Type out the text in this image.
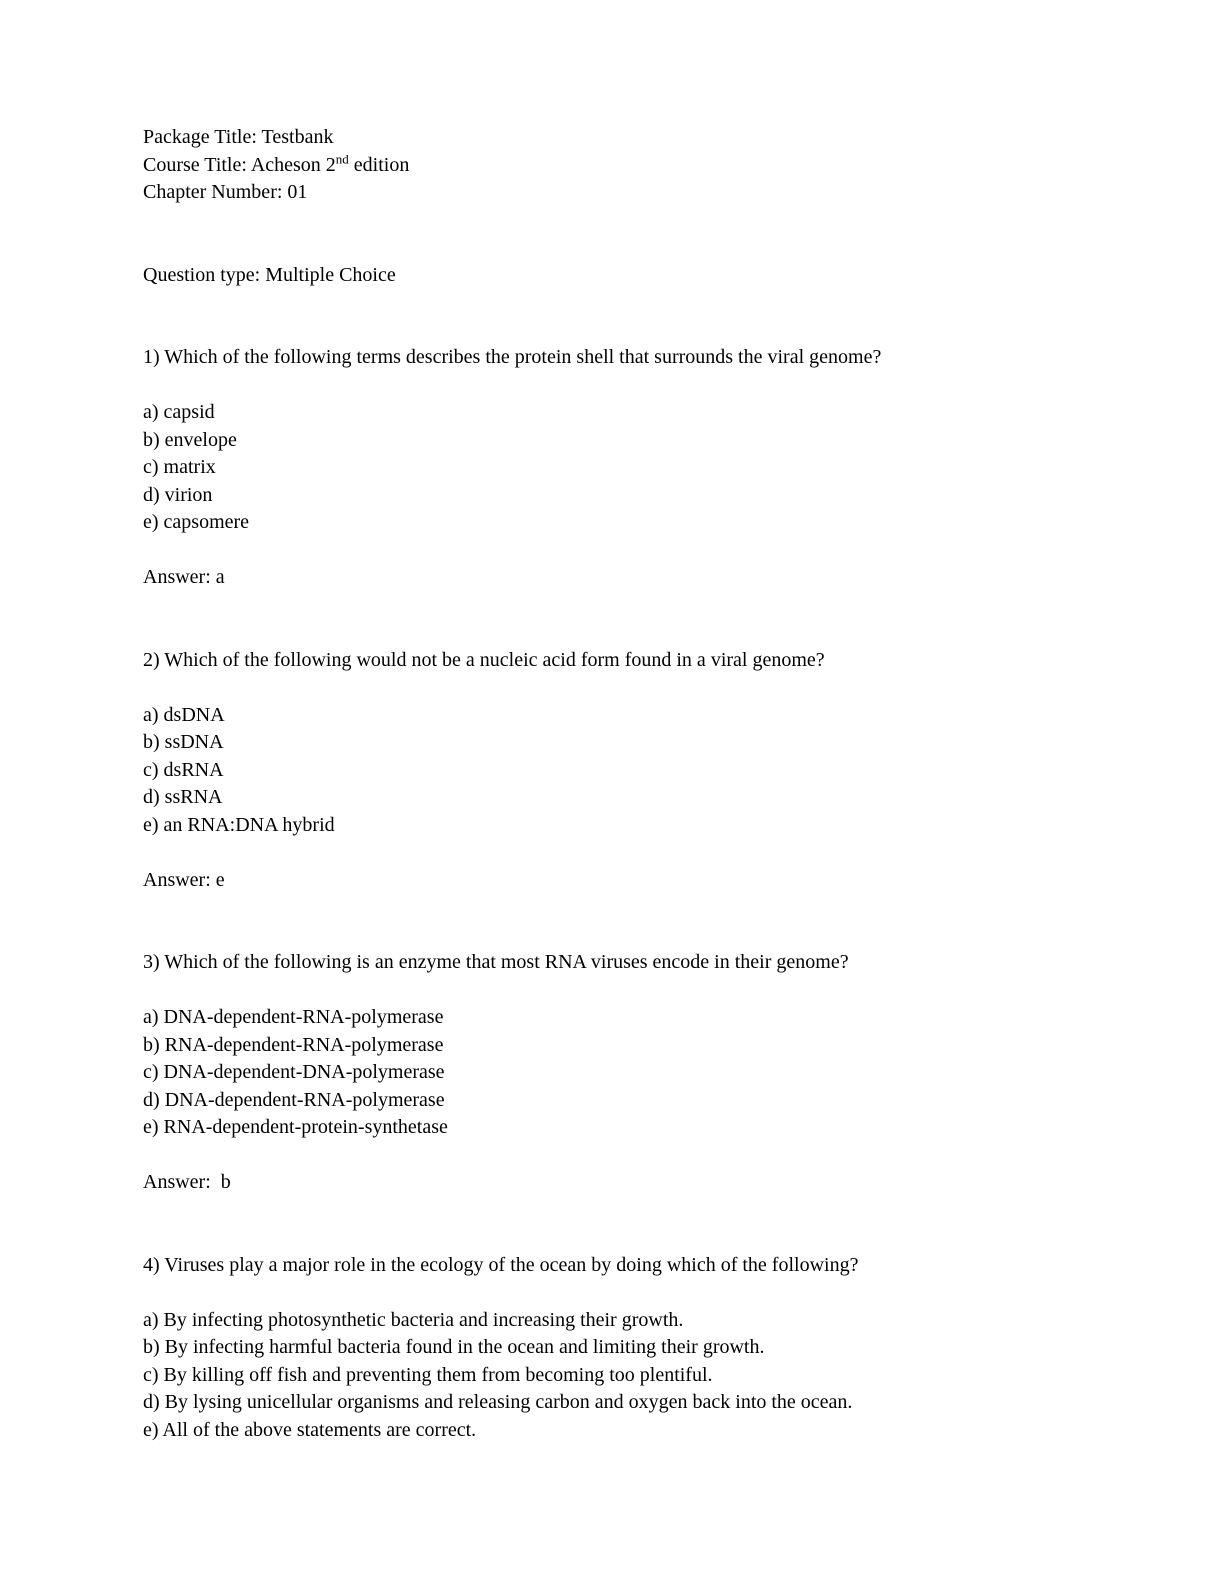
Package Title: Testbank
Course Title: Acheson 2nd edition
Chapter Number: 01
Question type: Multiple Choice
1) Which of the following terms describes the protein shell that surrounds the viral genome?
a) capsid
b) envelope
c) matrix
d) virion
e) capsomere
Answer: a
2) Which of the following would not be a nucleic acid form found in a viral genome?
a) dsDNA
b) ssDNA
c) dsRNA
d) ssRNA
e) an RNA:DNA hybrid
Answer: e
3) Which of the following is an enzyme that most RNA viruses encode in their genome?
a) DNA-dependent-RNA-polymerase
b) RNA-dependent-RNA-polymerase
c) DNA-dependent-DNA-polymerase
d) DNA-dependent-RNA-polymerase
e) RNA-dependent-protein-synthetase
Answer:  b
4) Viruses play a major role in the ecology of the ocean by doing which of the following?
a) By infecting photosynthetic bacteria and increasing their growth.
b) By infecting harmful bacteria found in the ocean and limiting their growth.
c) By killing off fish and preventing them from becoming too plentiful.
d) By lysing unicellular organisms and releasing carbon and oxygen back into the ocean.
e) All of the above statements are correct.
